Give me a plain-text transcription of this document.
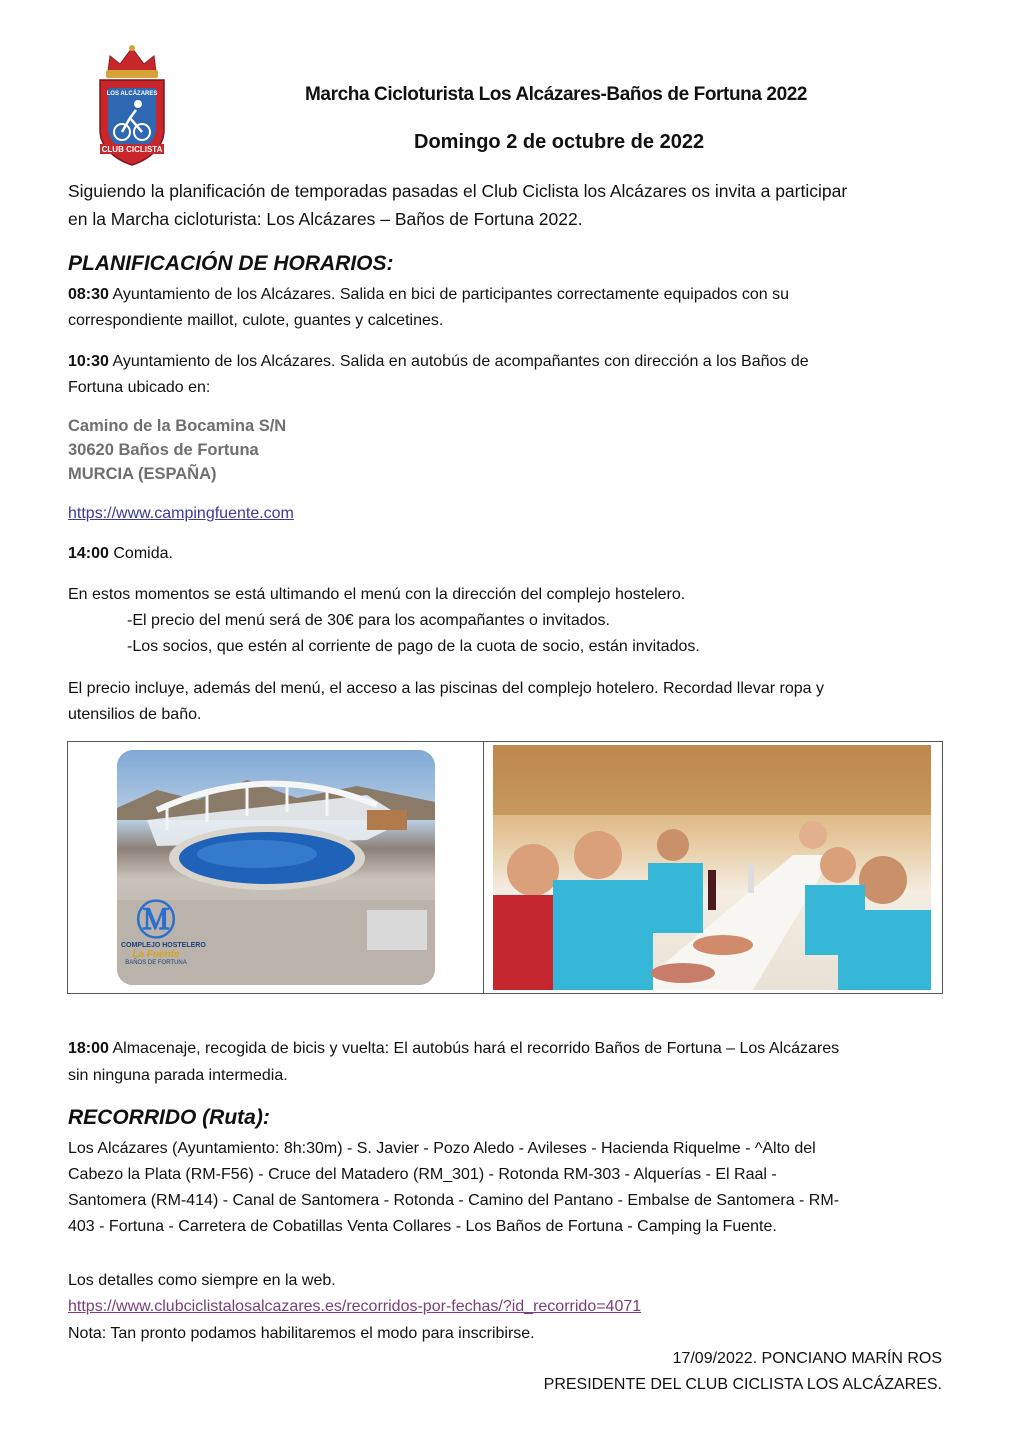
LOS ALCÁZARES
CLUB CICLISTA
Marcha Cicloturista Los Alcázares-Baños de Fortuna 2022
Domingo 2 de octubre de 2022
Siguiendo la planificación de temporadas pasadas el Club Ciclista los Alcázares os invita a participar
en la Marcha cicloturista: Los Alcázares – Baños de Fortuna 2022.
PLANIFICACIÓN DE HORARIOS:
08:30 Ayuntamiento de los Alcázares. Salida en bici de participantes correctamente equipados con su
correspondiente maillot, culote, guantes y calcetines.
10:30 Ayuntamiento de los Alcázares. Salida en autobús de acompañantes con dirección a los Baños de
Fortuna ubicado en:
Camino de la Bocamina S/N
30620 Baños de Fortuna
MURCIA (ESPAÑA)
https://www.campingfuente.com
14:00 Comida.
En estos momentos se está ultimando el menú con la dirección del complejo hostelero.
-El precio del menú será de 30€ para los acompañantes o invitados.
-Los socios, que estén al corriente de pago de la cuota de socio, están invitados.
El precio incluye, además del menú, el acceso a las piscinas del complejo hotelero. Recordad llevar ropa y
utensilios de baño.
Ⓜ
COMPLEJO HOSTELERO
La Fuente
BAÑOS DE FORTUNA

18:00 Almacenaje, recogida de bicis y vuelta: El autobús hará el recorrido Baños de Fortuna – Los Alcázares
sin ninguna parada intermedia.
RECORRIDO (Ruta):
Los Alcázares (Ayuntamiento: 8h:30m) - S. Javier - Pozo Aledo - Avileses - Hacienda Riquelme - ^Alto del
Cabezo la Plata (RM-F56) - Cruce del Matadero (RM_301) - Rotonda RM-303 - Alquerías - El Raal -
Santomera (RM-414) - Canal de Santomera - Rotonda - Camino del Pantano - Embalse de Santomera - RM-
403 - Fortuna - Carretera de Cobatillas Venta Collares - Los Baños de Fortuna - Camping la Fuente.
Los detalles como siempre en la web.
https://www.clubciclistalosalcazares.es/recorridos-por-fechas/?id_recorrido=4071
Nota: Tan pronto podamos habilitaremos el modo para inscribirse.
17/09/2022. PONCIANO MARÍN ROS
PRESIDENTE DEL CLUB CICLISTA LOS ALCÁZARES.
